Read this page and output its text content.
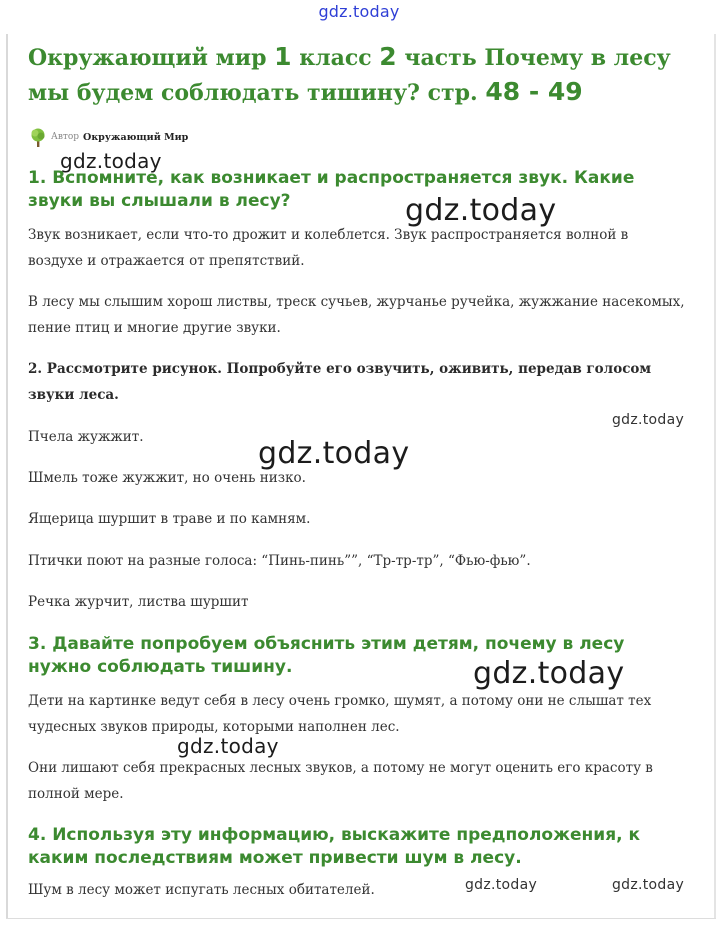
gdz.today
Окружающий мир 1 класс 2 часть Почему в лесу мы будем соблюдать тишину? стр. 48 - 49
Автор Окружающий Мир
1. Вспомните, как возникает и распространяется звук. Какие звуки вы слышали в лесу?

Звук возникает, если что-то дрожит и колеблется. Звук распространяется волной в воздухе и отражается от препятствий.

В лесу мы слышим хорош листвы, треск сучьев, журчанье ручейка, жужжание насекомых, пение птиц и многие другие звуки.

2. Рассмотрите рисунок. Попробуйте его озвучить, оживить, передав голосом звуки леса.

Пчела жужжит.

Шмель тоже жужжит, но очень низко.

Ящерица шуршит в траве и по камням.

Птички поют на разные голоса: “Пинь-пинь””, “Тр-тр-тр”, “Фью-фью”.

Речка журчит, листва шуршит

3. Давайте попробуем объяснить этим детям, почему в лесу нужно соблюдать тишину.

Дети на картинке ведут себя в лесу очень громко, шумят, а потому они не слышат тех чудесных звуков природы, которыми наполнен лес.

Они лишают себя прекрасных лесных звуков, а потому не могут оценить его красоту в полной мере.

4. Используя эту информацию, выскажите предположения, к каким последствиям может привести шум в лесу.

Шум в лесу может испугать лесных обитателей.

gdz.today
gdz.today
gdz.today
gdz.today
gdz.today
gdz.today
gdz.today	gdz.today
